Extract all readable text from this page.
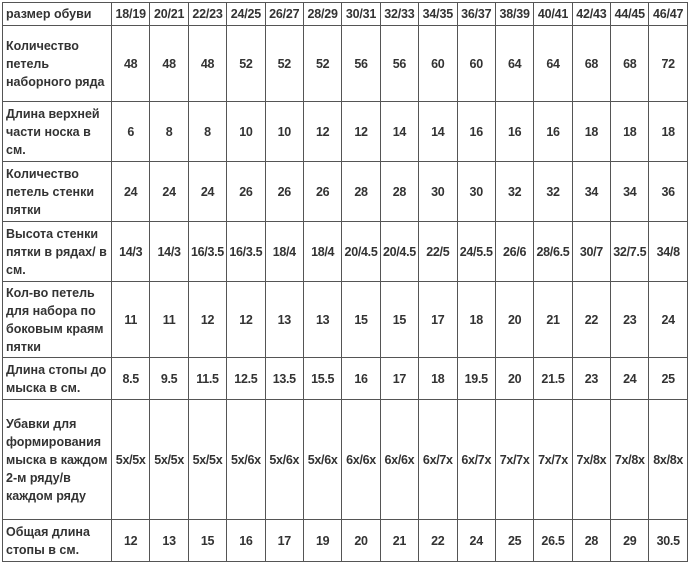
размер обуви	18/19	20/21	22/23	24/25	26/27	28/29	30/31	32/33	34/35	36/37	38/39	40/41	42/43	44/45	46/47
Количество петель наборного ряда	48	48	48	52	52	52	56	56	60	60	64	64	68	68	72
Длина верхней части носка в см.	6	8	8	10	10	12	12	14	14	16	16	16	18	18	18
Количество петель стенки пятки	24	24	24	26	26	26	28	28	30	30	32	32	34	34	36
Высота стенки пятки в рядах/ в см.	14/3	14/3	16/3.5	16/3.5	18/4	18/4	20/4.5	20/4.5	22/5	24/5.5	26/6	28/6.5	30/7	32/7.5	34/8
Кол-во петель для набора по боковым краям пятки	11	11	12	12	13	13	15	15	17	18	20	21	22	23	24
Длина стопы до мыска в см.	8.5	9.5	11.5	12.5	13.5	15.5	16	17	18	19.5	20	21.5	23	24	25
Убавки для формирования мыска в каждом 2-м ряду/в каждом ряду	5х/5х	5х/5х	5х/5х	5х/6х	5х/6х	5х/6х	6х/6х	6х/6х	6х/7х	6х/7х	7х/7х	7х/7х	7х/8х	7х/8х	8х/8х
Общая длина стопы в см.	12	13	15	16	17	19	20	21	22	24	25	26.5	28	29	30.5
